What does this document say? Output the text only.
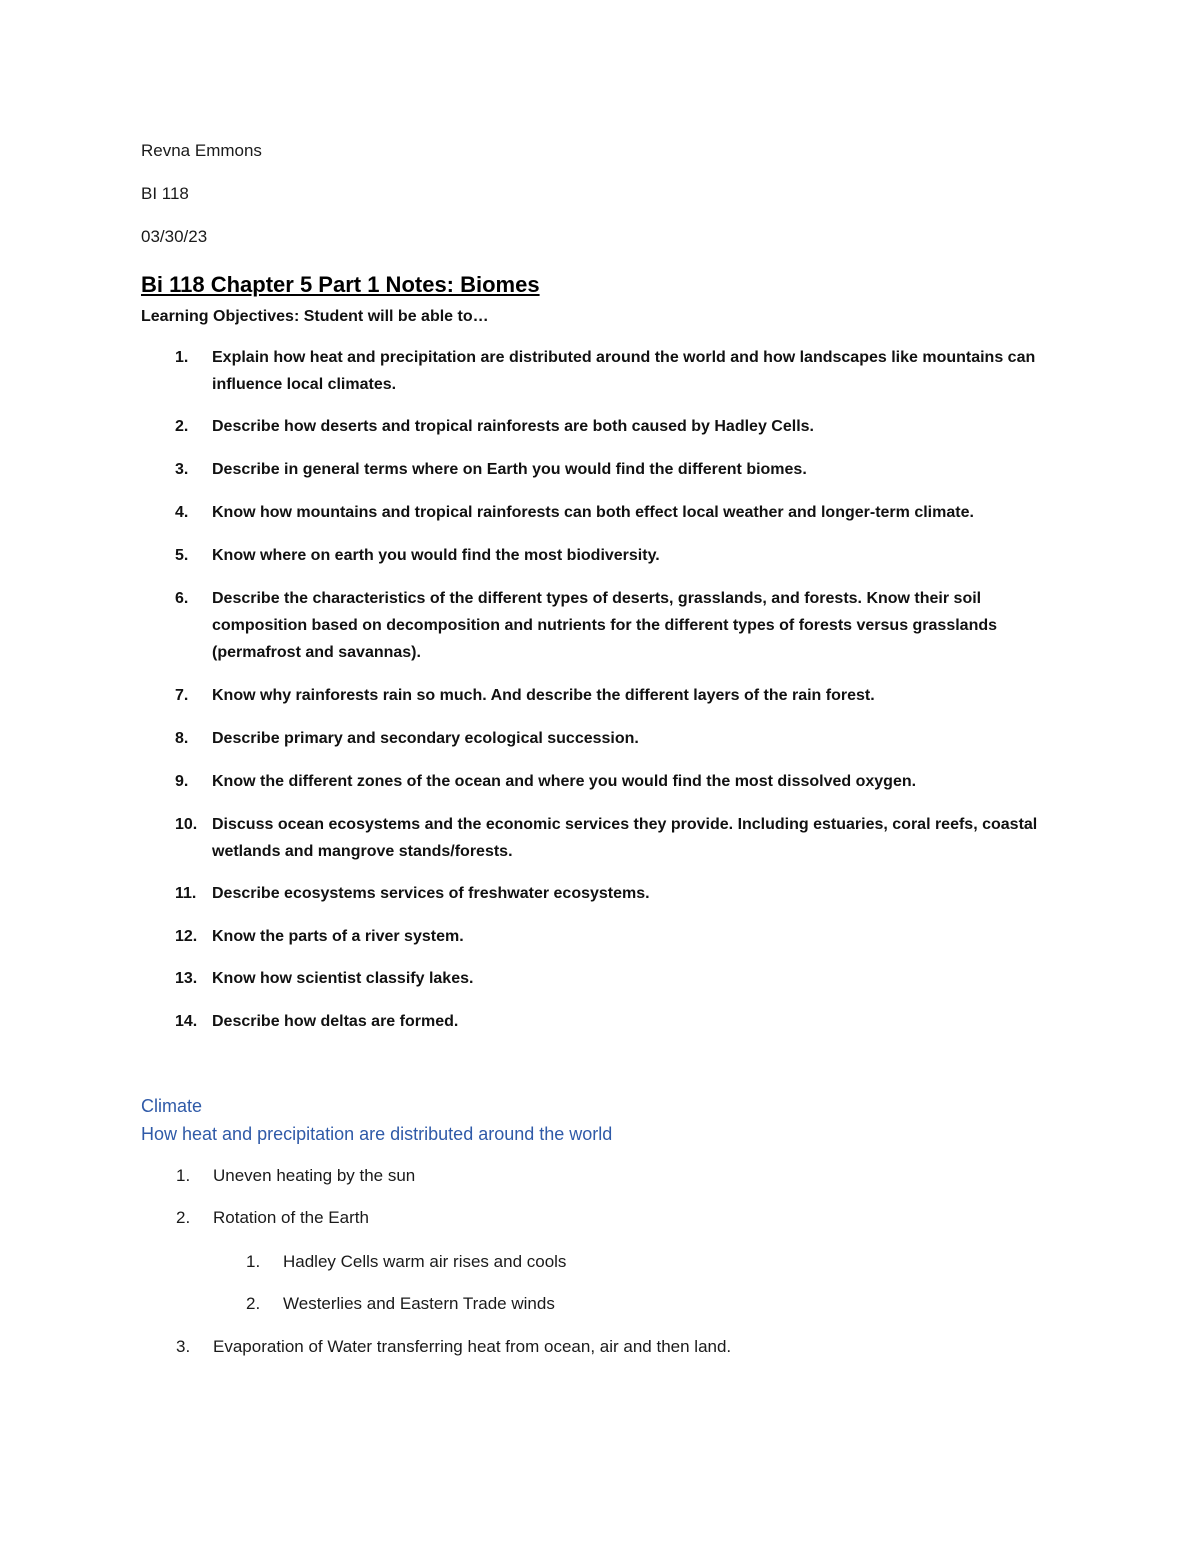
Revna Emmons
BI 118
03/30/23
Bi 118 Chapter 5 Part 1 Notes: Biomes
Learning Objectives: Student will be able to…
1. Explain how heat and precipitation are distributed around the world and how landscapes like mountains can influence local climates.
2. Describe how deserts and tropical rainforests are both caused by Hadley Cells.
3. Describe in general terms where on Earth you would find the different biomes.
4. Know how mountains and tropical rainforests can both effect local weather and longer-term climate.
5. Know where on earth you would find the most biodiversity.
6. Describe the characteristics of the different types of deserts, grasslands, and forests. Know their soil composition based on decomposition and nutrients for the different types of forests versus grasslands (permafrost and savannas).
7. Know why rainforests rain so much. And describe the different layers of the rain forest.
8. Describe primary and secondary ecological succession.
9. Know the different zones of the ocean and where you would find the most dissolved oxygen.
10. Discuss ocean ecosystems and the economic services they provide. Including estuaries, coral reefs, coastal wetlands and mangrove stands/forests.
11. Describe ecosystems services of freshwater ecosystems.
12. Know the parts of a river system.
13. Know how scientist classify lakes.
14. Describe how deltas are formed.
Climate
How heat and precipitation are distributed around the world
1. Uneven heating by the sun
2. Rotation of the Earth
1. Hadley Cells warm air rises and cools
2. Westerlies and Eastern Trade winds
3. Evaporation of Water transferring heat from ocean, air and then land.
